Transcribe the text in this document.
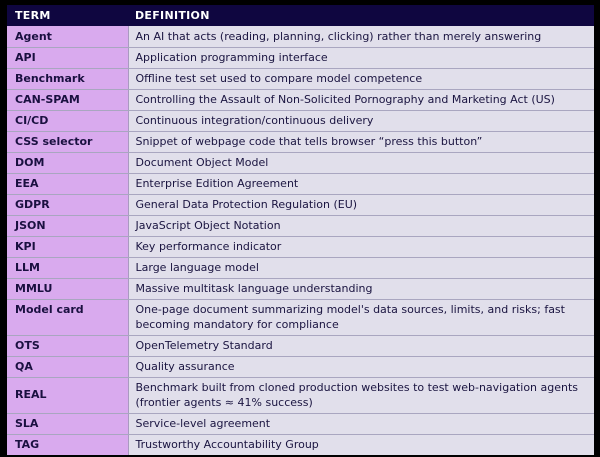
TERM	DEFINITION
Agent	An AI that acts (reading, planning, clicking) rather than merely answering
API	Application programming interface
Benchmark	Offline test set used to compare model competence
CAN-SPAM	Controlling the Assault of Non-Solicited Pornography and Marketing Act (US)
CI/CD	Continuous integration/continuous delivery
CSS selector	Snippet of webpage code that tells browser “press this button”
DOM	Document Object Model
EEA	Enterprise Edition Agreement
GDPR	General Data Protection Regulation (EU)
JSON	JavaScript Object Notation
KPI	Key performance indicator
LLM	Large language model
MMLU	Massive multitask language understanding
Model card	One-page document summarizing model's data sources, limits, and risks; fast becoming mandatory for compliance
OTS	OpenTelemetry Standard
QA	Quality assurance
REAL	Benchmark built from cloned production websites to test web-navigation agents (frontier agents ≈ 41% success)
SLA	Service-level agreement
TAG	Trustworthy Accountability Group
